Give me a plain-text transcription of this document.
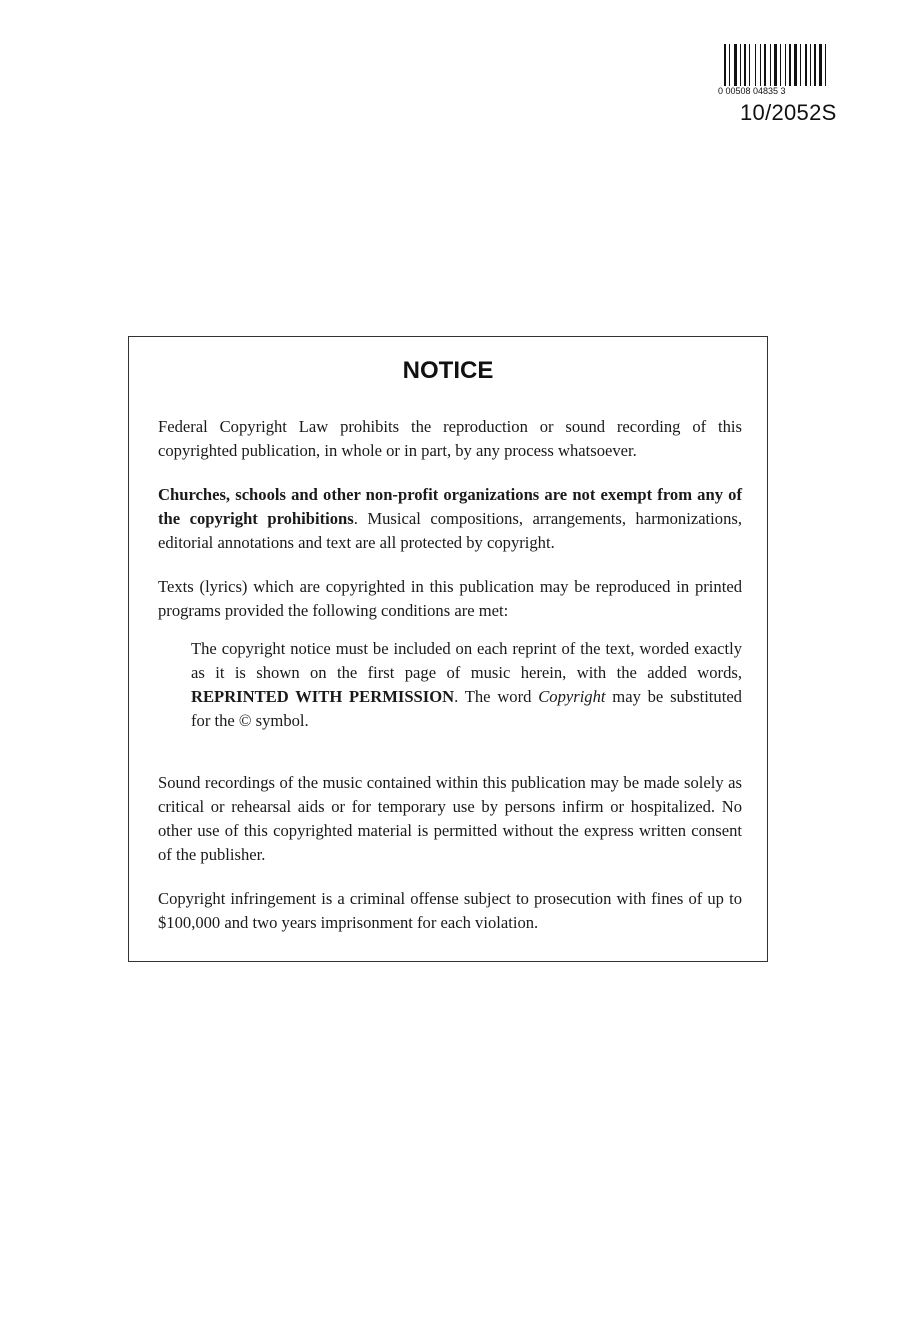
0 00508 04835 3
10/2052S
NOTICE

Federal Copyright Law prohibits the reproduction or sound recording of this copyrighted publication, in whole or in part, by any process whatsoever.

Churches, schools and other non-profit organizations are not exempt from any of the copyright prohibitions. Musical compositions, arrangements, harmonizations, editorial annotations and text are all protected by copyright.

Texts (lyrics) which are copyrighted in this publication may be reproduced in printed programs provided the following conditions are met:

The copyright notice must be included on each reprint of the text, worded exactly as it is shown on the first page of music herein, with the added words, REPRINTED WITH PERMISSION. The word Copyright may be substituted for the © symbol.

Sound recordings of the music contained within this publication may be made solely as critical or rehearsal aids or for temporary use by persons infirm or hospitalized. No other use of this copyrighted material is permitted without the express written consent of the publisher.

Copyright infringement is a criminal offense subject to prosecution with fines of up to $100,000 and two years imprisonment for each violation.
